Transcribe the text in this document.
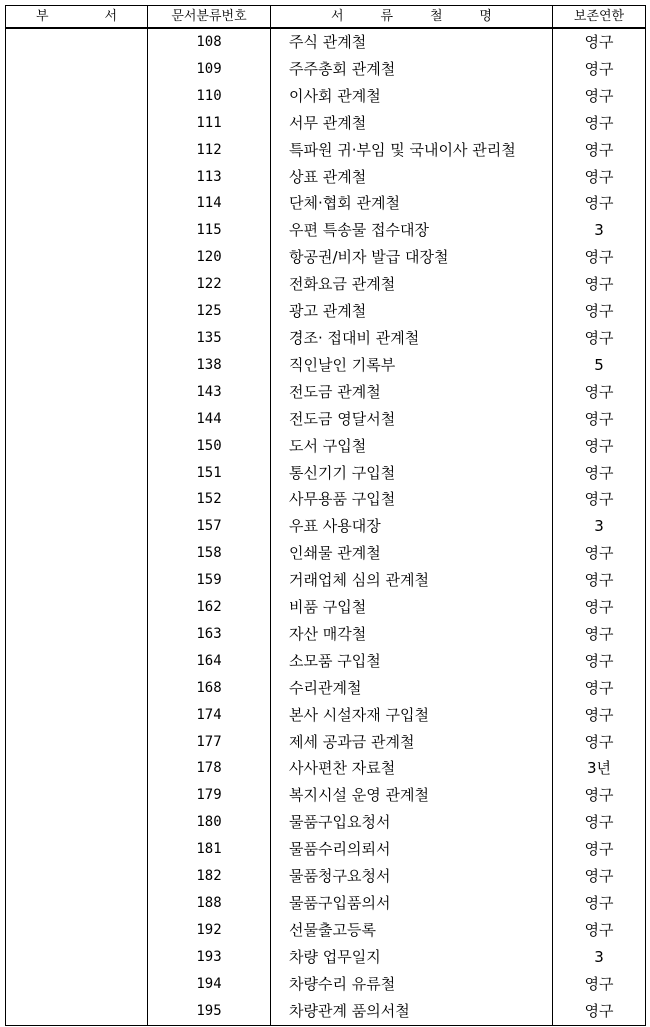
부 서	문서분류번호	서 류 철 명	보존연한
	108	주식 관계철	영구
	109	주주총회 관계철	영구
	110	이사회 관계철	영구
	111	서무 관계철	영구
	112	특파원 귀·부임 및 국내이사 관리철	영구
	113	상표 관계철	영구
	114	단체·협회 관계철	영구
	115	우편 특송물 접수대장	3
	120	항공권/비자 발급 대장철	영구
	122	전화요금 관계철	영구
	125	광고 관계철	영구
	135	경조· 접대비 관계철	영구
	138	직인날인 기록부	5
	143	전도금 관계철	영구
	144	전도금 영달서철	영구
	150	도서 구입철	영구
	151	통신기기 구입철	영구
	152	사무용품 구입철	영구
	157	우표 사용대장	3
	158	인쇄물 관계철	영구
	159	거래업체 심의 관계철	영구
	162	비품 구입철	영구
	163	자산 매각철	영구
	164	소모품 구입철	영구
	168	수리관계철	영구
	174	본사 시설자재 구입철	영구
	177	제세 공과금 관계철	영구
	178	사사편찬 자료철	3년
	179	복지시설 운영 관계철	영구
	180	물품구입요청서	영구
	181	물품수리의뢰서	영구
	182	물품청구요청서	영구
	188	물품구입품의서	영구
	192	선물출고등록	영구
	193	차량 업무일지	3
	194	차량수리 유류철	영구
	195	차량관계 품의서철	영구
